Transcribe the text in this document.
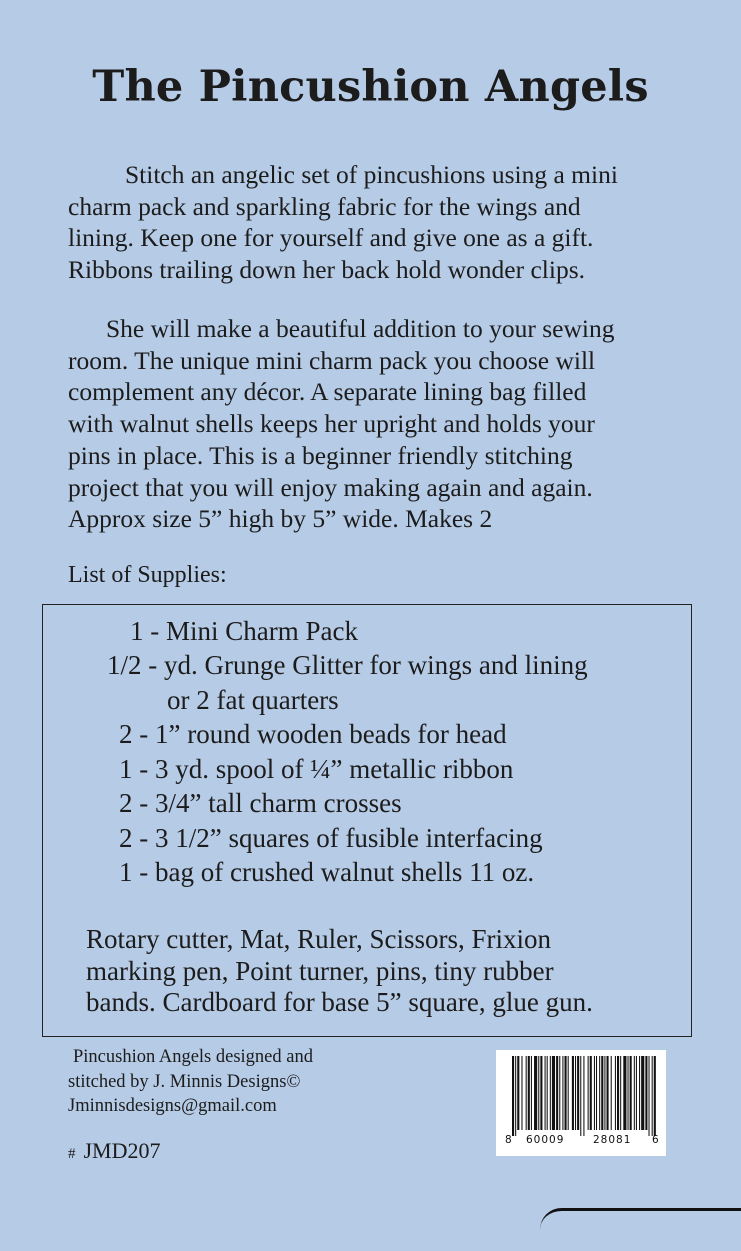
The Pincushion Angels
Stitch an angelic set of pincushions using a mini
charm pack and sparkling fabric for the wings and
lining. Keep one for yourself and give one as a gift.
Ribbons trailing down her back hold wonder clips.
She will make a beautiful addition to your sewing
room. The unique mini charm pack you choose will
complement any décor. A separate lining bag filled
with walnut shells keeps her upright and holds your
pins in place. This is a beginner friendly stitching
project that you will enjoy making again and again.
Approx size 5” high by 5” wide. Makes 2
List of Supplies:
1 - Mini Charm Pack
1/2 - yd. Grunge Glitter for wings and lining
or 2 fat quarters
2 - 1” round wooden beads for head
1 - 3 yd. spool of ¼” metallic ribbon
2 - 3/4” tall charm crosses
2 - 3 1/2” squares of fusible interfacing
1 - bag of crushed walnut shells 11 oz.
Rotary cutter, Mat, Ruler, Scissors, Frixion
marking pen, Point turner, pins, tiny rubber
bands. Cardboard for base 5” square, glue gun.
Pincushion Angels designed and
stitched by J. Minnis Designs©
Jminnisdesigns@gmail.com
# JMD207	8 60009	28081 6
